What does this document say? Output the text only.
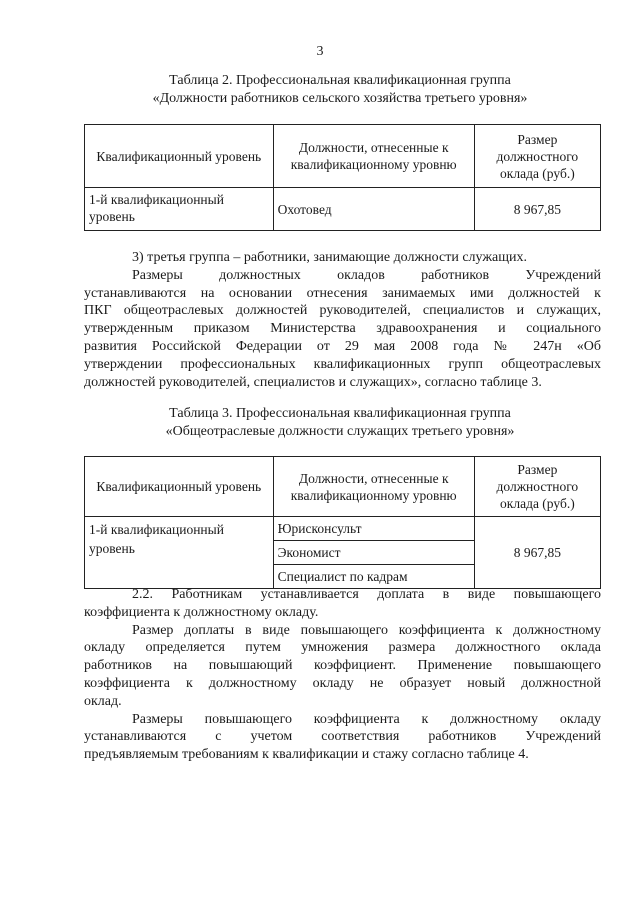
3
Таблица 2. Профессиональная квалификационная группа
«Должности работников сельского хозяйства третьего уровня»
Квалификационный уровень	Должности, отнесенные к квалификационному уровню	Размер должностного оклада (руб.)
1-й квалификационный уровень	Охотовед	8 967,85
3) третья группа – работники, занимающие должности служащих.
Размеры должностных окладов работников Учреждений
устанавливаются на основании отнесения занимаемых ими должностей к
ПКГ общеотраслевых должностей руководителей, специалистов и служащих,
утвержденным приказом Министерства здравоохранения и социального
развития Российской Федерации от 29 мая 2008 года № 247н «Об
утверждении профессиональных квалификационных групп общеотраслевых
должностей руководителей, специалистов и служащих», согласно таблице 3.
Таблица 3. Профессиональная квалификационная группа
«Общеотраслевые должности служащих третьего уровня»
Квалификационный уровень	Должности, отнесенные к квалификационному уровню	Размер должностного оклада (руб.)
1-й квалификационный уровень	Юрисконсульт	8 967,85
	Экономист	
	Специалист по кадрам	
2.2. Работникам устанавливается доплата в виде повышающего
коэффициента к должностному окладу.
Размер доплаты в виде повышающего коэффициента к должностному
окладу определяется путем умножения размера должностного оклада
работников на повышающий коэффициент. Применение повышающего
коэффициента к должностному окладу не образует новый должностной
оклад.
Размеры повышающего коэффициента к должностному окладу
устанавливаются с учетом соответствия работников Учреждений
предъявляемым требованиям к квалификации и стажу согласно таблице 4.
